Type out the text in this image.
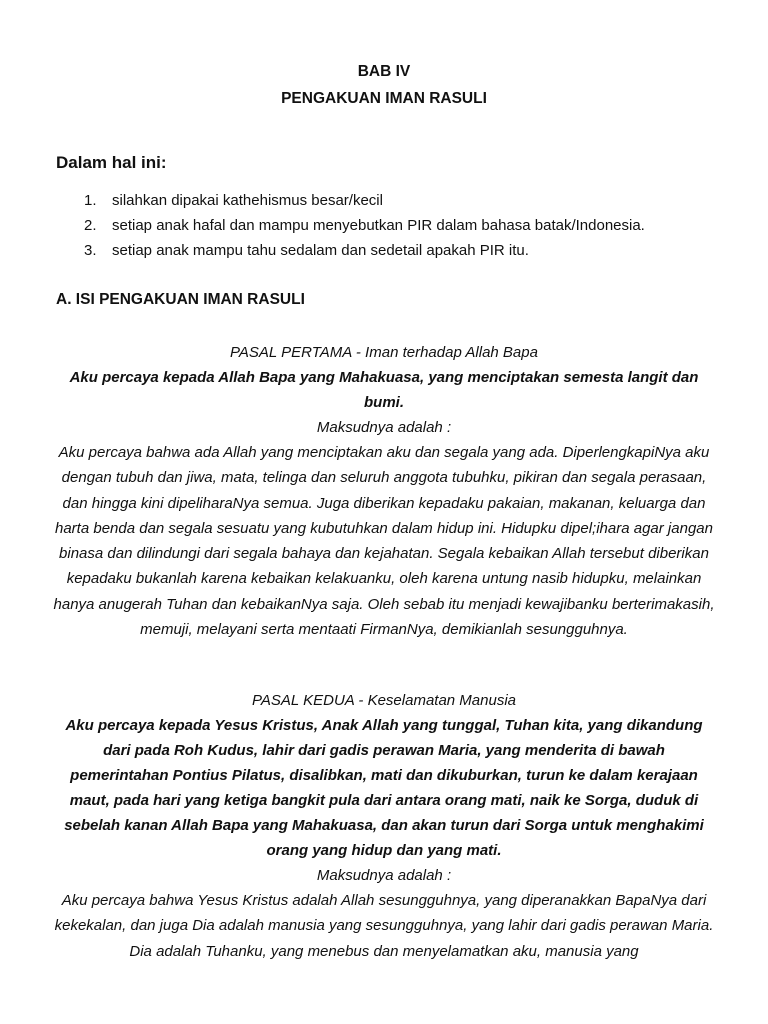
BAB IV
PENGAKUAN IMAN RASULI
Dalam hal ini:
1. silahkan dipakai kathehismus besar/kecil
2. setiap anak hafal dan mampu menyebutkan PIR dalam bahasa batak/Indonesia.
3. setiap anak mampu tahu sedalam dan sedetail apakah PIR itu.
A. ISI PENGAKUAN IMAN RASULI
PASAL PERTAMA - Iman terhadap Allah Bapa
Aku percaya kepada Allah Bapa yang Mahakuasa, yang menciptakan semesta langit dan bumi.
Maksudnya adalah :
Aku percaya bahwa ada Allah yang menciptakan aku dan segala yang ada. DiperlengkapiNya aku dengan tubuh dan jiwa, mata, telinga dan seluruh anggota tubuhku, pikiran dan segala perasaan, dan hingga kini dipeliharaNya semua. Juga diberikan kepadaku pakaian, makanan, keluarga dan harta benda dan segala sesuatu yang kubutuhkan dalam hidup ini. Hidupku dipel;ihara agar jangan binasa dan dilindungi dari segala bahaya dan kejahatan. Segala kebaikan Allah tersebut diberikan kepadaku bukanlah karena kebaikan kelakuanku, oleh karena untung nasib hidupku, melainkan hanya anugerah Tuhan dan kebaikanNya saja. Oleh sebab itu menjadi kewajibanku berterimakasih, memuji, melayani serta mentaati FirmanNya, demikianlah sesungguhnya.
PASAL KEDUA - Keselamatan Manusia
Aku percaya kepada Yesus Kristus, Anak Allah yang tunggal, Tuhan kita, yang dikandung dari pada Roh Kudus, lahir dari gadis perawan Maria, yang menderita di bawah pemerintahan Pontius Pilatus, disalibkan, mati dan dikuburkan, turun ke dalam kerajaan maut, pada hari yang ketiga bangkit pula dari antara orang mati, naik ke Sorga, duduk di sebelah kanan Allah Bapa yang Mahakuasa, dan akan turun dari Sorga untuk menghakimi orang yang hidup dan yang mati.
Maksudnya adalah :
Aku percaya bahwa Yesus Kristus adalah Allah sesungguhnya, yang diperanakkan BapaNya dari kekekalan, dan juga Dia adalah manusia yang sesungguhnya, yang lahir dari gadis perawan Maria. Dia adalah Tuhanku, yang menebus dan menyelamatkan aku, manusia yang
